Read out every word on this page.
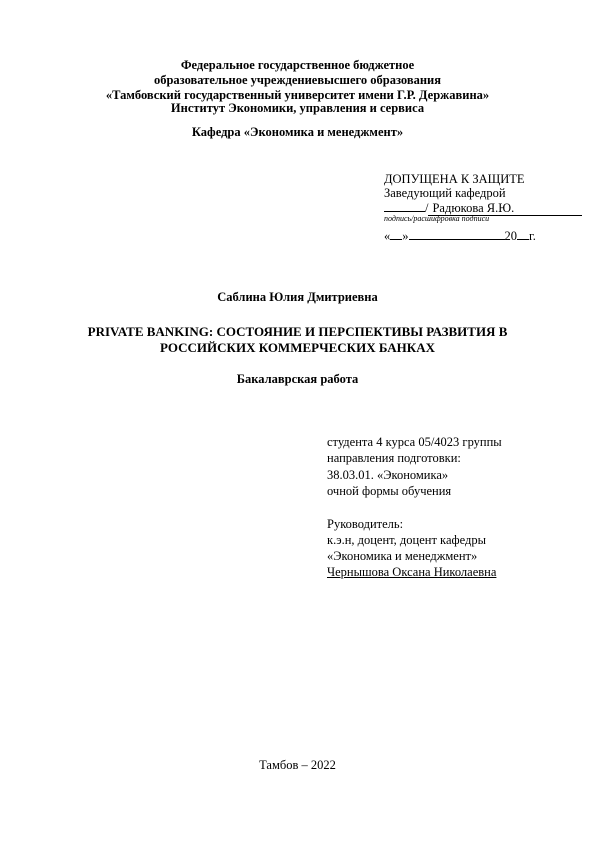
Федеральное государственное бюджетное
образовательное учреждениевысшего образования
«Тамбовский государственный университет имени Г.Р. Державина»
Институт Экономики, управления и сервиса
Кафедра «Экономика и менеджмент»
ДОПУЩЕНА К ЗАЩИТЕ
Заведующий кафедрой
/ Радюкова Я.Ю.
подпись/расшифровка подписи
« »	20 г.
Саблина Юлия Дмитриевна
PRIVATE BANKING: СОСТОЯНИЕ И ПЕРСПЕКТИВЫ РАЗВИТИЯ В
РОССИЙСКИХ КОММЕРЧЕСКИХ БАНКАХ
Бакалаврская работа
студента 4 курса 05/4023 группы
направления подготовки:
38.03.01. «Экономика»
очной формы обучения
Руководитель:
к.э.н, доцент, доцент кафедры
«Экономика и менеджмент»
Чернышова Оксана Николаевна
Тамбов – 2022
